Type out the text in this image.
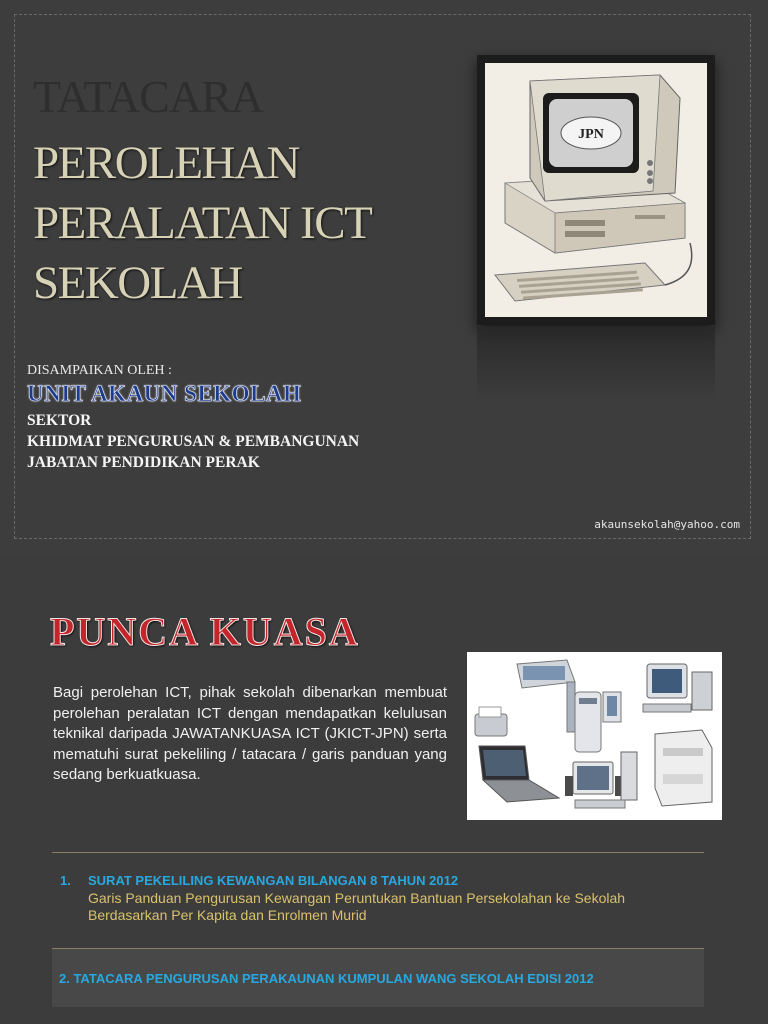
TATACARA
PEROLEHAN
PERALATAN ICT
SEKOLAH
JPN
DISAMPAIKAN OLEH :
UNIT AKAUN SEKOLAH
SEKTOR
KHIDMAT PENGURUSAN & PEMBANGUNAN
JABATAN PENDIDIKAN PERAK
akaunsekolah@yahoo.com
PUNCA KUASA
Bagi perolehan ICT, pihak sekolah dibenarkan membuat perolehan peralatan ICT dengan mendapatkan kelulusan teknikal daripada JAWATANKUASA ICT (JKICT-JPN) serta mematuhi surat pekeliling / tatacara / garis panduan yang sedang berkuatkuasa.
1. SURAT PEKELILING KEWANGAN BILANGAN 8 TAHUN 2012
Garis Panduan Pengurusan Kewangan Peruntukan Bantuan Persekolahan ke Sekolah Berdasarkan Per Kapita dan Enrolmen Murid
2. TATACARA PENGURUSAN PERAKAUNAN KUMPULAN WANG SEKOLAH EDISI 2012
